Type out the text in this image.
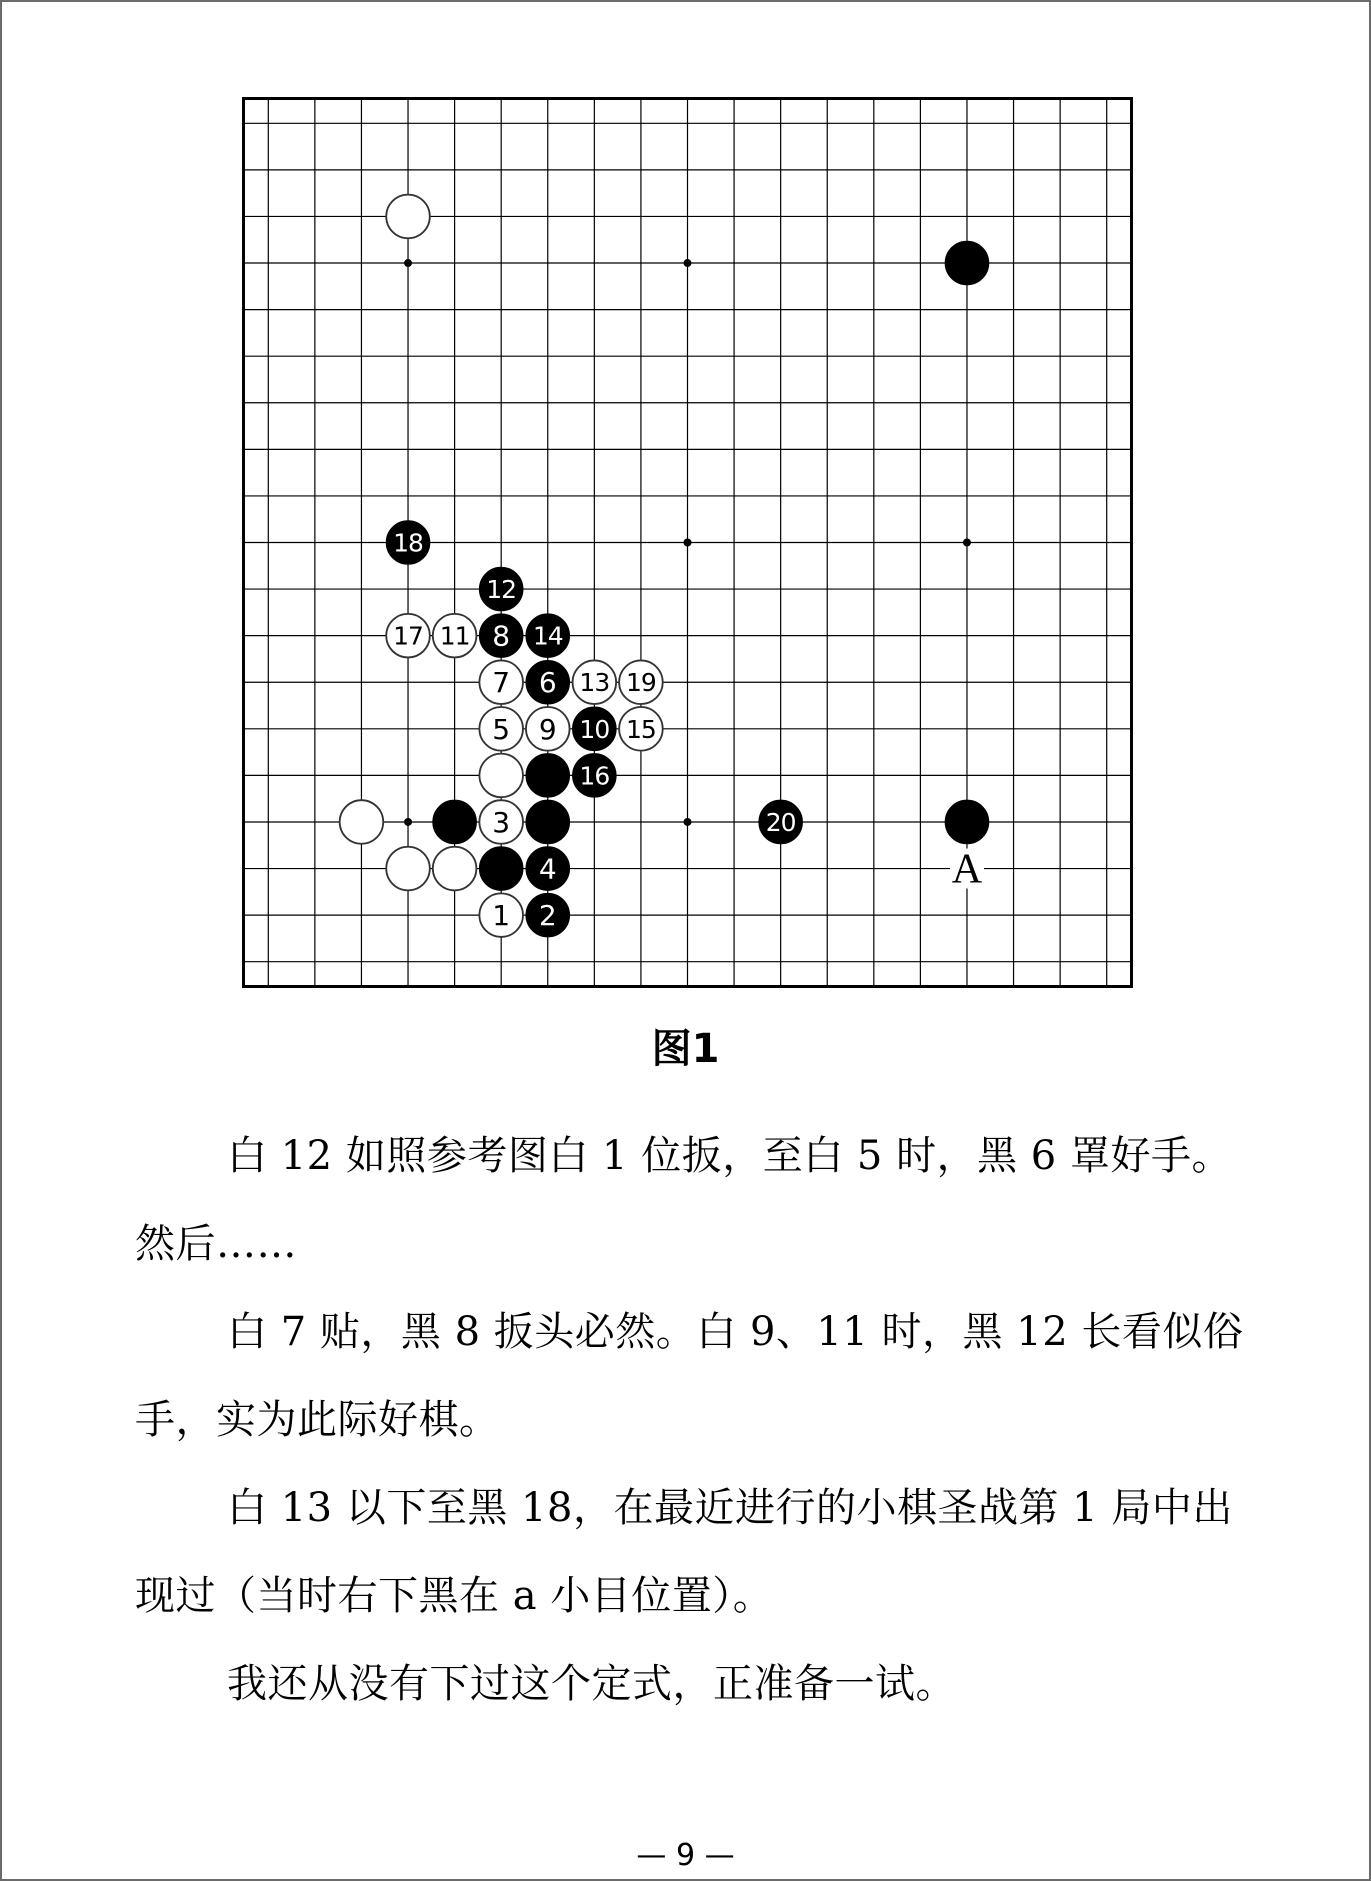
A
18
12
17 11 8 14
7 6 13 19
5 9 10 15
16
3	20
4
1 2
图1

白 12 如照参考图白 1 位扳，至白 5 时，黑 6 罩好手。然后……

白 7 贴，黑 8 扳头必然。白 9、11 时，黑 12 长看似俗手，实为此际好棋。

白 13 以下至黑 18，在最近进行的小棋圣战第 1 局中出现过（当时右下黑在 a 小目位置）。

我还从没有下过这个定式，正准备一试。

— 9 —
